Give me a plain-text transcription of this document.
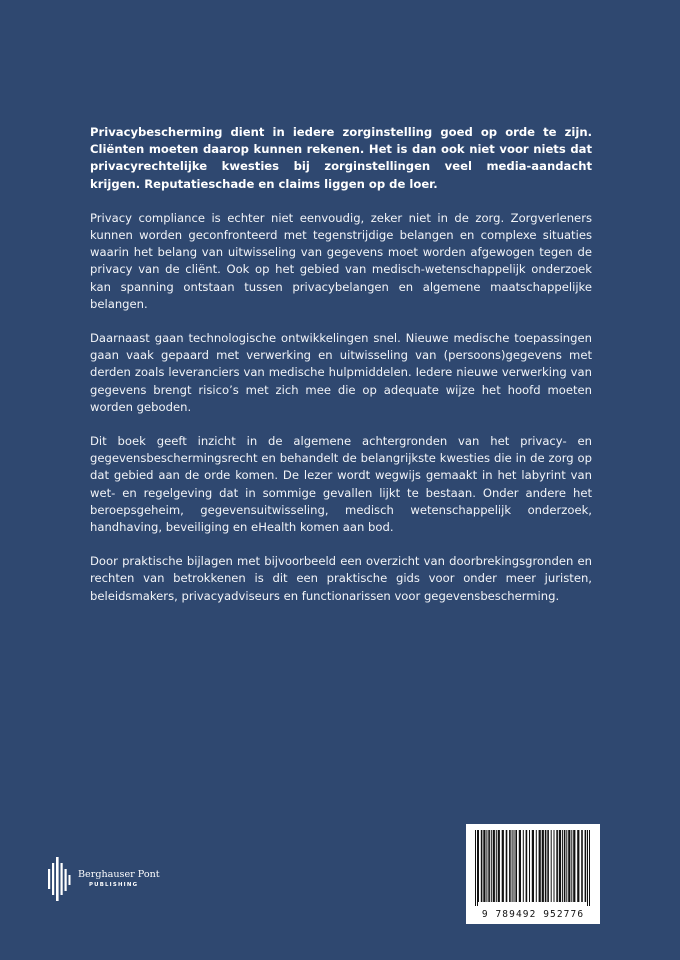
Privacybescherming dient in iedere zorginstelling goed op orde te zijn. Cliënten moeten daarop kunnen rekenen. Het is dan ook niet voor niets dat privacyrechtelijke kwesties bij zorginstellingen veel media-aandacht krijgen. Reputatieschade en claims liggen op de loer.

Privacy compliance is echter niet eenvoudig, zeker niet in de zorg. Zorgverleners kunnen worden geconfronteerd met tegenstrijdige belangen en complexe situaties waarin het belang van uitwisseling van gegevens moet worden afgewogen tegen de privacy van de cliënt. Ook op het gebied van medisch-wetenschappelijk onderzoek kan spanning ontstaan tussen privacybelangen en algemene maatschappelijke belangen.

Daarnaast gaan technologische ontwikkelingen snel. Nieuwe medische toepassingen gaan vaak gepaard met verwerking en uitwisseling van (persoons)gegevens met derden zoals leveranciers van medische hulpmiddelen. Iedere nieuwe verwerking van gegevens brengt risico’s met zich mee die op adequate wijze het hoofd moeten worden geboden.

Dit boek geeft inzicht in de algemene achtergronden van het privacy- en gegevensbeschermingsrecht en behandelt de belangrijkste kwesties die in de zorg op dat gebied aan de orde komen. De lezer wordt wegwijs gemaakt in het labyrint van wet- en regelgeving dat in sommige gevallen lijkt te bestaan. Onder andere het beroepsgeheim, gegevensuitwisseling, medisch wetenschappelijk onderzoek, handhaving, beveiliging en eHealth komen aan bod.

Door praktische bijlagen met bijvoorbeeld een overzicht van doorbrekingsgronden en rechten van betrokkenen is dit een praktische gids voor onder meer juristen, beleidsmakers, privacyadviseurs en functionarissen voor gegevensbescherming.

Berghauser Pont
PUBLISHING
9 789492 952776
